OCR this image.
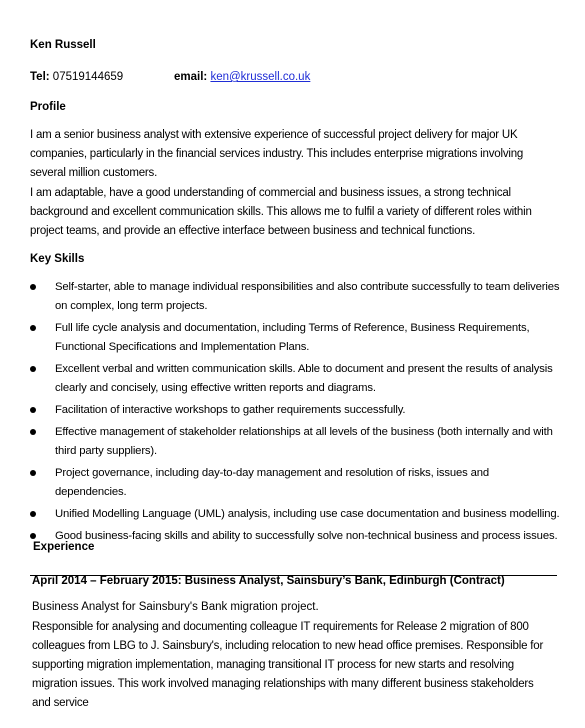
Ken Russell
Tel: 07519144659	email: ken@krussell.co.uk
Profile
I am a senior business analyst with extensive experience of successful project delivery for major UK companies, particularly in the financial services industry. This includes enterprise migrations involving several million customers.
I am adaptable, have a good understanding of commercial and business issues, a strong technical background and excellent communication skills. This allows me to fulfil a variety of different roles within project teams, and provide an effective interface between business and technical functions.
Key Skills
Self-starter, able to manage individual responsibilities and also contribute successfully to team deliveries on complex, long term projects.
Full life cycle analysis and documentation, including Terms of Reference, Business Requirements, Functional Specifications and Implementation Plans.
Excellent verbal and written communication skills. Able to document and present the results of analysis clearly and concisely, using effective written reports and diagrams.
Facilitation of interactive workshops to gather requirements successfully.
Effective management of stakeholder relationships at all levels of the business (both internally and with third party suppliers).
Project governance, including day-to-day management and resolution of risks, issues and dependencies.
Unified Modelling Language (UML) analysis, including use case documentation and business modelling.
Good business-facing skills and ability to successfully solve non-technical business and process issues.
Experience
April 2014 – February 2015: Business Analyst, Sainsbury’s Bank, Edinburgh (Contract)
Business Analyst for Sainsbury's Bank migration project.
Responsible for analysing and documenting colleague IT requirements for Release 2 migration of 800 colleagues from LBG to J. Sainsbury's, including relocation to new head office premises. Responsible for supporting migration implementation, managing transitional IT process for new starts and resolving migration issues. This work involved managing relationships with many different business stakeholders and service
